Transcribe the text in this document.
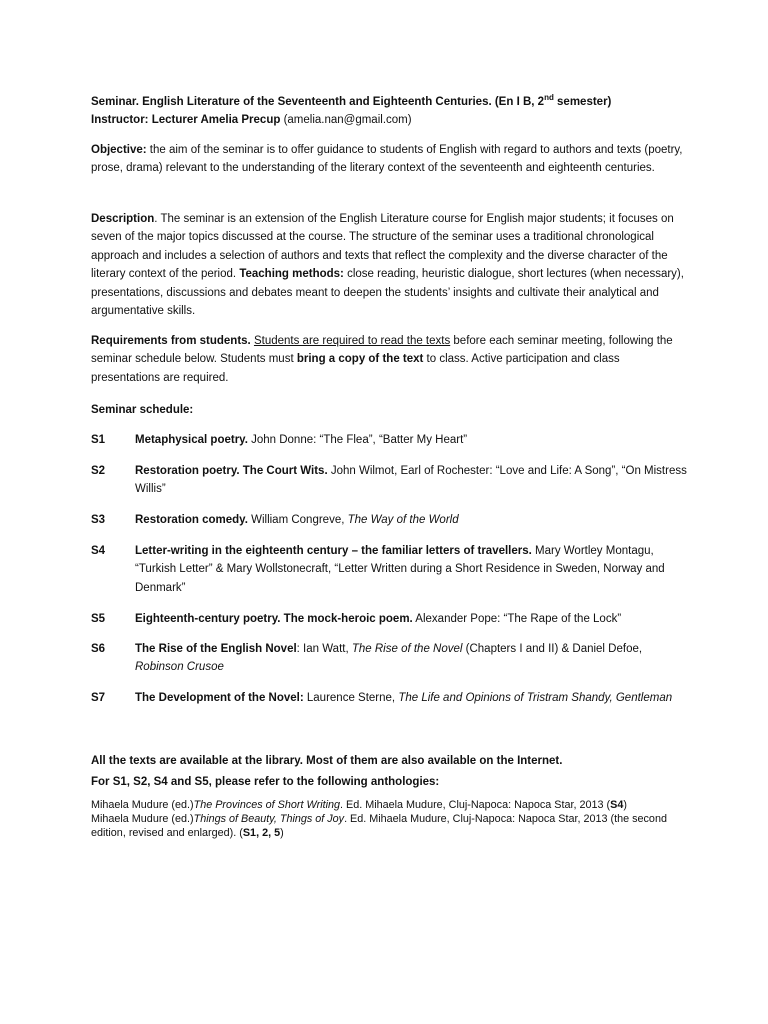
Seminar. English Literature of the Seventeenth and Eighteenth Centuries. (En I B, 2nd semester)

Instructor: Lecturer Amelia Precup (amelia.nan@gmail.com)

Objective: the aim of the seminar is to offer guidance to students of English with regard to authors and texts (poetry, prose, drama) relevant to the understanding of the literary context of the seventeenth and eighteenth centuries.

Description. The seminar is an extension of the English Literature course for English major students; it focuses on seven of the major topics discussed at the course. The structure of the seminar uses a traditional chronological approach and includes a selection of authors and texts that reflect the complexity and the diverse character of the literary context of the period. Teaching methods: close reading, heuristic dialogue, short lectures (when necessary), presentations, discussions and debates meant to deepen the students’ insights and cultivate their analytical and argumentative skills.

Requirements from students. Students are required to read the texts before each seminar meeting, following the seminar schedule below. Students must bring a copy of the text to class. Active participation and class presentations are required.

Seminar schedule:

S1	Metaphysical poetry. John Donne: “The Flea”, “Batter My Heart”
S2	Restoration poetry. The Court Wits. John Wilmot, Earl of Rochester: “Love and Life: A Song”, “On Mistress Willis”
S3	Restoration comedy. William Congreve, The Way of the World
S4	Letter-writing in the eighteenth century – the familiar letters of travellers. Mary Wortley Montagu, “Turkish Letter” & Mary Wollstonecraft, “Letter Written during a Short Residence in Sweden, Norway and Denmark”
S5	Eighteenth-century poetry. The mock-heroic poem. Alexander Pope: “The Rape of the Lock”
S6	The Rise of the English Novel: Ian Watt, The Rise of the Novel (Chapters I and II) & Daniel Defoe, Robinson Crusoe
S7	The Development of the Novel: Laurence Sterne, The Life and Opinions of Tristram Shandy, Gentleman

All the texts are available at the library. Most of them are also available on the Internet.

For S1, S2, S4 and S5, please refer to the following anthologies:

Mihaela Mudure (ed.)The Provinces of Short Writing. Ed. Mihaela Mudure, Cluj-Napoca: Napoca Star, 2013 (S4)
Mihaela Mudure (ed.)Things of Beauty, Things of Joy. Ed. Mihaela Mudure, Cluj-Napoca: Napoca Star, 2013 (the second edition, revised and enlarged). (S1, 2, 5)
